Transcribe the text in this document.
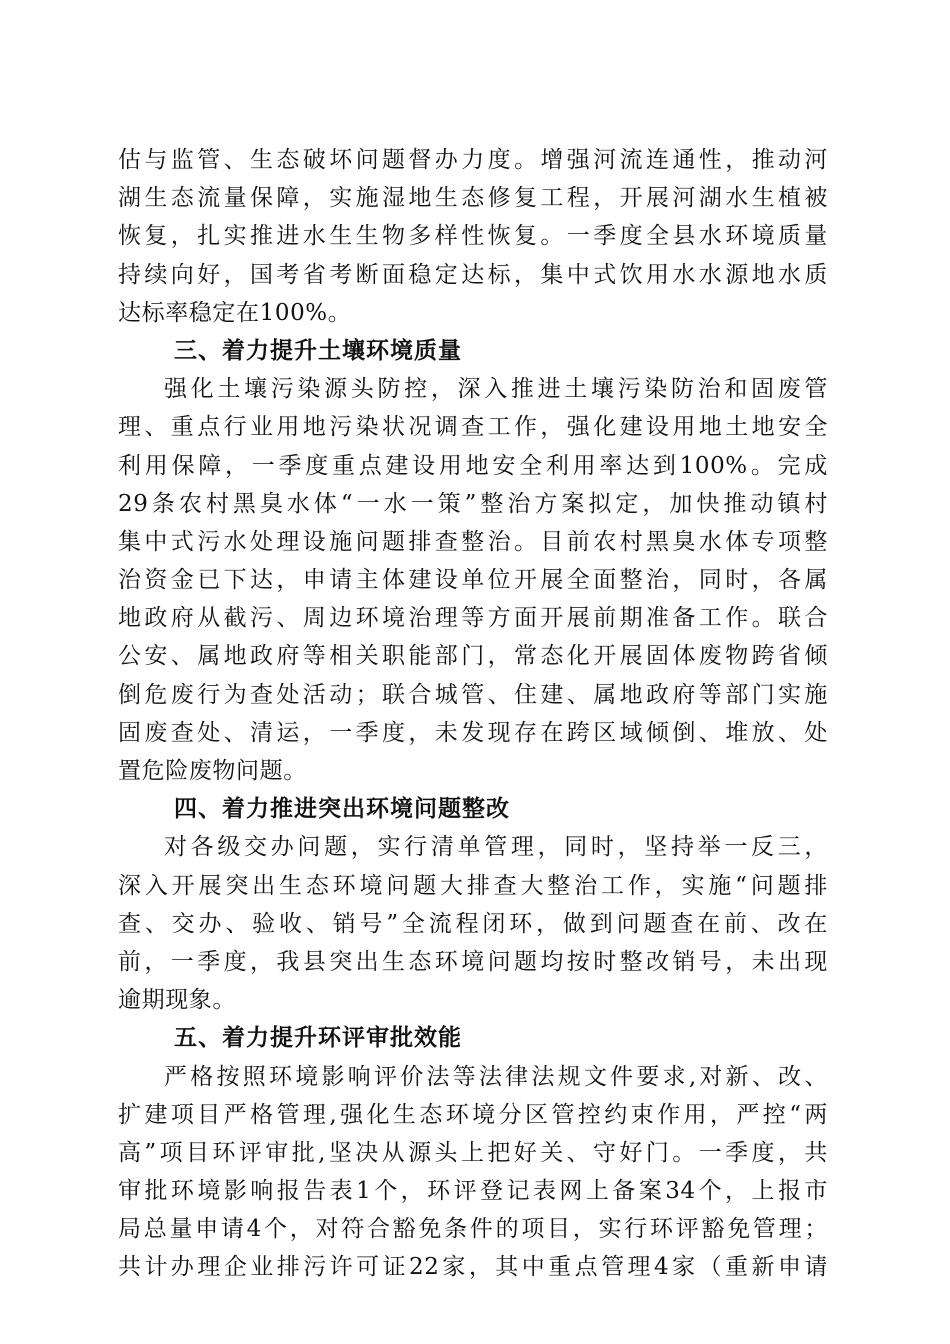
估与监管、生态破坏问题督办力度。增强河流连通性，推动河
湖生态流量保障，实施湿地生态修复工程，开展河湖水生植被
恢复，扎实推进水生生物多样性恢复。一季度全县水环境质量
持续向好，国考省考断面稳定达标，集中式饮用水水源地水质
达标率稳定在100%。
三、着力提升土壤环境质量
强化土壤污染源头防控，深入推进土壤污染防治和固废管
理、重点行业用地污染状况调查工作，强化建设用地土地安全
利用保障，一季度重点建设用地安全利用率达到100%。完成
29条农村黑臭水体“一水一策”整治方案拟定，加快推动镇村
集中式污水处理设施问题排查整治。目前农村黑臭水体专项整
治资金已下达，申请主体建设单位开展全面整治，同时，各属
地政府从截污、周边环境治理等方面开展前期准备工作。联合
公安、属地政府等相关职能部门，常态化开展固体废物跨省倾
倒危废行为查处活动；联合城管、住建、属地政府等部门实施
固废查处、清运，一季度，未发现存在跨区域倾倒、堆放、处
置危险废物问题。
四、着力推进突出环境问题整改
对各级交办问题，实行清单管理，同时，坚持举一反三，
深入开展突出生态环境问题大排查大整治工作，实施“问题排
查、交办、验收、销号”全流程闭环，做到问题查在前、改在
前，一季度，我县突出生态环境问题均按时整改销号，未出现
逾期现象。
五、着力提升环评审批效能
严格按照环境影响评价法等法律法规文件要求,对新、改、
扩建项目严格管理,强化生态环境分区管控约束作用，严控“两
高”项目环评审批,坚决从源头上把好关、守好门。一季度，共
审批环境影响报告表1个，环评登记表网上备案34个，上报市
局总量申请4个，对符合豁免条件的项目，实行环评豁免管理；
共计办理企业排污许可证22家，其中重点管理4家（重新申请
